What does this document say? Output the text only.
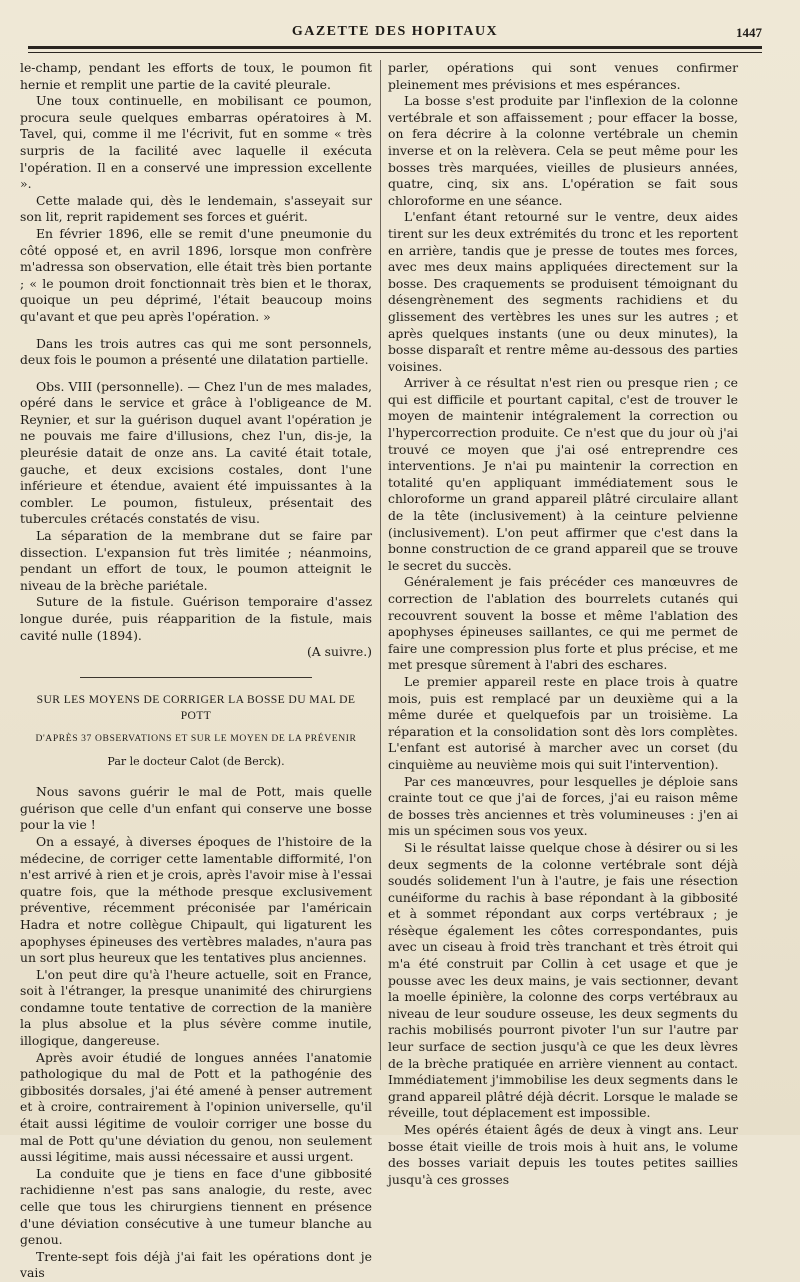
GAZETTE DES HOPITAUX	1447

le-champ, pendant les efforts de toux, le poumon fit hernie et remplit une partie de la cavité pleurale.

Une toux continuelle, en mobilisant ce poumon, procura seule quelques embarras opératoires à M. Tavel, qui, comme il me l'écrivit, fut en somme « très surpris de la facilité avec laquelle il exécuta l'opération. Il en a conservé une impression excellente ».

Cette malade qui, dès le lendemain, s'asseyait sur son lit, reprit rapidement ses forces et guérit.

En février 1896, elle se remit d'une pneumonie du côté opposé et, en avril 1896, lorsque mon confrère m'adressa son observation, elle était très bien portante ; « le poumon droit fonctionnait très bien et le thorax, quoique un peu déprimé, l'était beaucoup moins qu'avant et que peu après l'opération. »

Dans les trois autres cas qui me sont personnels, deux fois le poumon a présenté une dilatation partielle.

Obs. VIII (personnelle). — Chez l'un de mes malades, opéré dans le service et grâce à l'obligeance de M. Reynier, et sur la guérison duquel avant l'opération je ne pouvais me faire d'illusions, chez l'un, dis-je, la pleurésie datait de onze ans. La cavité était totale, gauche, et deux excisions costales, dont l'une inférieure et étendue, avaient été impuissantes à la combler. Le poumon, fistuleux, présentait des tubercules crétacés constatés de visu.

La séparation de la membrane dut se faire par dissection. L'expansion fut très limitée ; néanmoins, pendant un effort de toux, le poumon atteignit le niveau de la brèche pariétale.

Suture de la fistule. Guérison temporaire d'assez longue durée, puis réapparition de la fistule, mais cavité nulle (1894).

(A suivre.)

SUR LES MOYENS DE CORRIGER LA BOSSE DU MAL DE POTT
D'APRÈS 37 OBSERVATIONS ET SUR LE MOYEN DE LA PRÉVENIR
Par le docteur Calot (de Berck).

Nous savons guérir le mal de Pott, mais quelle guérison que celle d'un enfant qui conserve une bosse pour la vie !

On a essayé, à diverses époques de l'histoire de la médecine, de corriger cette lamentable difformité, l'on n'est arrivé à rien et je crois, après l'avoir mise à l'essai quatre fois, que la méthode presque exclusivement préventive, récemment préconisée par l'américain Hadra et notre collègue Chipault, qui ligaturent les apophyses épineuses des vertèbres malades, n'aura pas un sort plus heureux que les tentatives plus anciennes.

L'on peut dire qu'à l'heure actuelle, soit en France, soit à l'étranger, la presque unanimité des chirurgiens condamne toute tentative de correction de la manière la plus absolue et la plus sévère comme inutile, illogique, dangereuse.

Après avoir étudié de longues années l'anatomie pathologique du mal de Pott et la pathogénie des gibbosités dorsales, j'ai été amené à penser autrement et à croire, contrairement à l'opinion universelle, qu'il était aussi légitime de vouloir corriger une bosse du mal de Pott qu'une déviation du genou, non seulement aussi légitime, mais aussi nécessaire et aussi urgent.

La conduite que je tiens en face d'une gibbosité rachidienne n'est pas sans analogie, du reste, avec celle que tous les chirurgiens tiennent en présence d'une déviation consécutive à une tumeur blanche au genou.

Trente-sept fois déjà j'ai fait les opérations dont je vais

parler, opérations qui sont venues confirmer pleinement mes prévisions et mes espérances.

La bosse s'est produite par l'inflexion de la colonne vertébrale et son affaissement ; pour effacer la bosse, on fera décrire à la colonne vertébrale un chemin inverse et on la relèvera. Cela se peut même pour les bosses très marquées, vieilles de plusieurs années, quatre, cinq, six ans. L'opération se fait sous chloroforme en une séance.

L'enfant étant retourné sur le ventre, deux aides tirent sur les deux extrémités du tronc et les reportent en arrière, tandis que je presse de toutes mes forces, avec mes deux mains appliquées directement sur la bosse. Des craquements se produisent témoignant du désengrènement des segments rachidiens et du glissement des vertèbres les unes sur les autres ; et après quelques instants (une ou deux minutes), la bosse disparaît et rentre même au-dessous des parties voisines.

Arriver à ce résultat n'est rien ou presque rien ; ce qui est difficile et pourtant capital, c'est de trouver le moyen de maintenir intégralement la correction ou l'hypercorrection produite. Ce n'est que du jour où j'ai trouvé ce moyen que j'ai osé entreprendre ces interventions. Je n'ai pu maintenir la correction en totalité qu'en appliquant immédiatement sous le chloroforme un grand appareil plâtré circulaire allant de la tête (inclusivement) à la ceinture pelvienne (inclusivement). L'on peut affirmer que c'est dans la bonne construction de ce grand appareil que se trouve le secret du succès.

Généralement je fais précéder ces manœuvres de correction de l'ablation des bourrelets cutanés qui recouvrent souvent la bosse et même l'ablation des apophyses épineuses saillantes, ce qui me permet de faire une compression plus forte et plus précise, et me met presque sûrement à l'abri des eschares.

Le premier appareil reste en place trois à quatre mois, puis est remplacé par un deuxième qui a la même durée et quelquefois par un troisième. La réparation et la consolidation sont dès lors complètes. L'enfant est autorisé à marcher avec un corset (du cinquième au neuvième mois qui suit l'intervention).

Par ces manœuvres, pour lesquelles je déploie sans crainte tout ce que j'ai de forces, j'ai eu raison même de bosses très anciennes et très volumineuses : j'en ai mis un spécimen sous vos yeux.

Si le résultat laisse quelque chose à désirer ou si les deux segments de la colonne vertébrale sont déjà soudés solidement l'un à l'autre, je fais une résection cunéiforme du rachis à base répondant à la gibbosité et à sommet répondant aux corps vertébraux ; je résèque également les côtes correspondantes, puis avec un ciseau à froid très tranchant et très étroit qui m'a été construit par Collin à cet usage et que je pousse avec les deux mains, je vais sectionner, devant la moelle épinière, la colonne des corps vertébraux au niveau de leur soudure osseuse, les deux segments du rachis mobilisés pourront pivoter l'un sur l'autre par leur surface de section jusqu'à ce que les deux lèvres de la brèche pratiquée en arrière viennent au contact. Immédiatement j'immobilise les deux segments dans le grand appareil plâtré déjà décrit. Lorsque le malade se réveille, tout déplacement est impossible.

Mes opérés étaient âgés de deux à vingt ans. Leur bosse était vieille de trois mois à huit ans, le volume des bosses variait depuis les toutes petites saillies jusqu'à ces grosses
